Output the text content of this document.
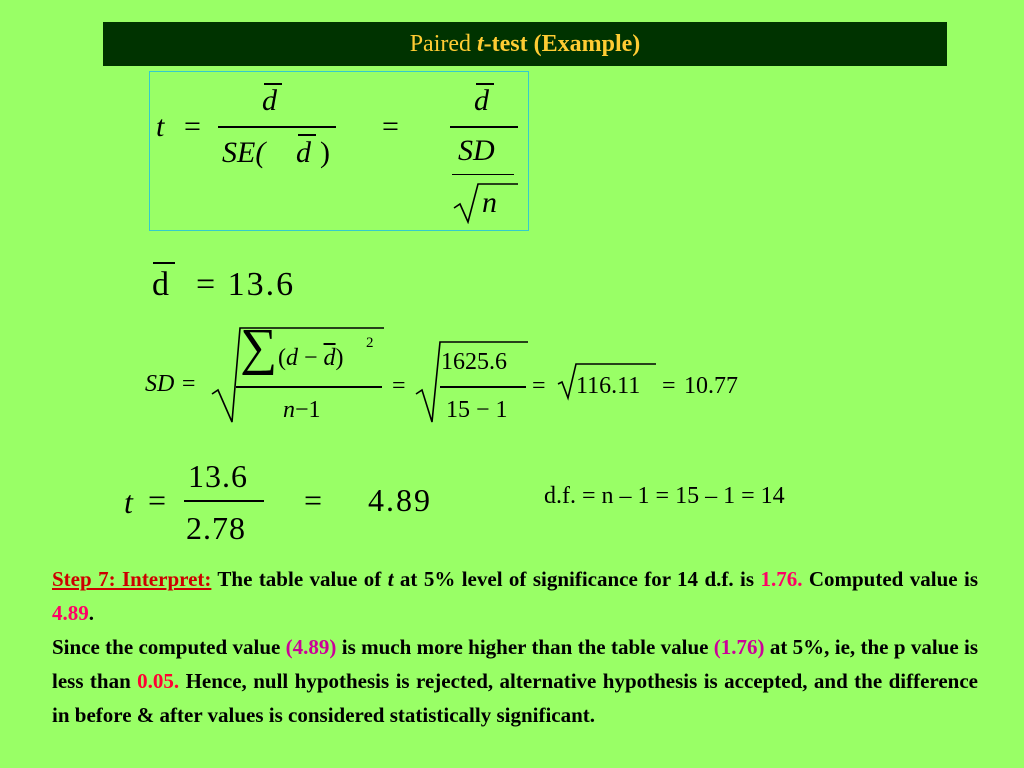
Paired t-test (Example)
t =
d
SE( d )
=
d
SD
n
d = 13.6
SD =
∑ $(d - \overline{d})$
2
n−1
=
1625.6
15 − 1
= 116.11 = 10.77
t =
13.6
2.78
= 4.89	d.f. = n – 1 = 15 – 1 = 14

Step 7: Interpret: The table value of t at 5% level of significance for 14 d.f. is 1.76. Computed value is 4.89.

Since the computed value (4.89) is much more higher than the table value (1.76) at 5%, ie, the p value is less than 0.05. Hence, null hypothesis is rejected, alternative hypothesis is accepted, and the difference in before & after values is considered statistically significant.
